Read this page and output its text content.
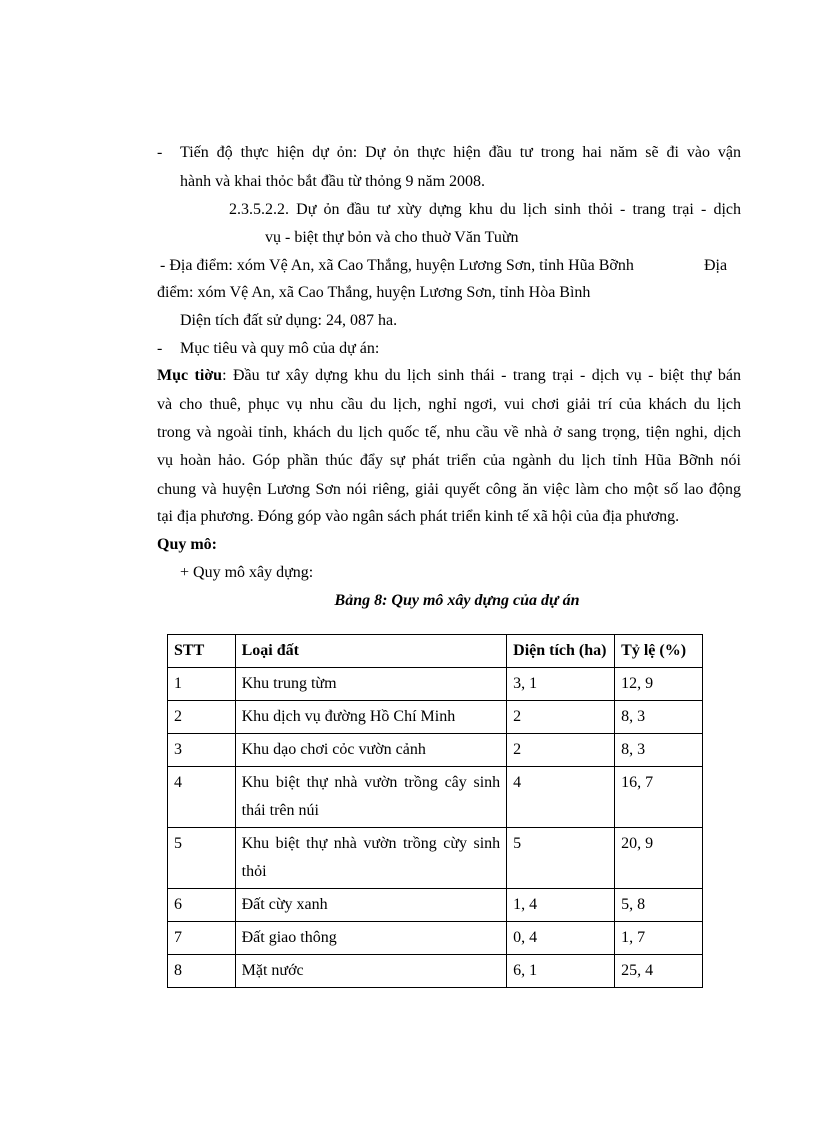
- Tiến độ thực hiện dự ỏn: Dự ỏn thực hiện đầu tư trong hai năm sẽ đi vào vận
hành và khai thỏc bắt đầu từ thỏng 9 năm 2008.
2.3.5.2.2. Dự ỏn đầu tư xừy dựng khu du lịch sinh thỏi - trang trại - dịch
vụ - biệt thự bỏn và cho thuờ Văn Tuừn
- Địa điểm: xóm Vệ An, xã Cao Thắng, huyện Lương Sơn, tỉnh Hũa Bỡnh	Địa
điểm: xóm Vệ An, xã Cao Thắng, huyện Lương Sơn, tỉnh Hòa Bình
Diện tích đất sử dụng: 24, 087 ha.
- Mục tiêu và quy mô của dự án:
Mục tiờu: Đầu tư xây dựng khu du lịch sinh thái - trang trại - dịch vụ - biệt thự bán
và cho thuê, phục vụ nhu cầu du lịch, nghỉ ngơi, vui chơi giải trí của khách du lịch
trong và ngoài tỉnh, khách du lịch quốc tế, nhu cầu về nhà ở sang trọng, tiện nghi, dịch
vụ hoàn hảo. Góp phần thúc đẩy sự phát triển của ngành du lịch tỉnh Hũa Bỡnh nói
chung và huyện Lương Sơn nói riêng, giải quyết công ăn việc làm cho một số lao động
tại địa phương. Đóng góp vào ngân sách phát triển kinh tế xã hội của địa phương.
Quy mô:
+ Quy mô xây dựng:
Bảng 8: Quy mô xây dựng của dự án
STT	Loại đất	Diện tích (ha)	Tỷ lệ (%)
1	Khu trung từm	3, 1	12, 9
2	Khu dịch vụ đường Hồ Chí Minh	2	8, 3
3	Khu dạo chơi cỏc vườn cảnh	2	8, 3
4	Khu biệt thự nhà vườn trồng cây sinh thái trên núi	4	16, 7
5	Khu biệt thự nhà vườn trồng cừy sinh thỏi	5	20, 9
6	Đất cừy xanh	1, 4	5, 8
7	Đất giao thông	0, 4	1, 7
8	Mặt nước	6, 1	25, 4
